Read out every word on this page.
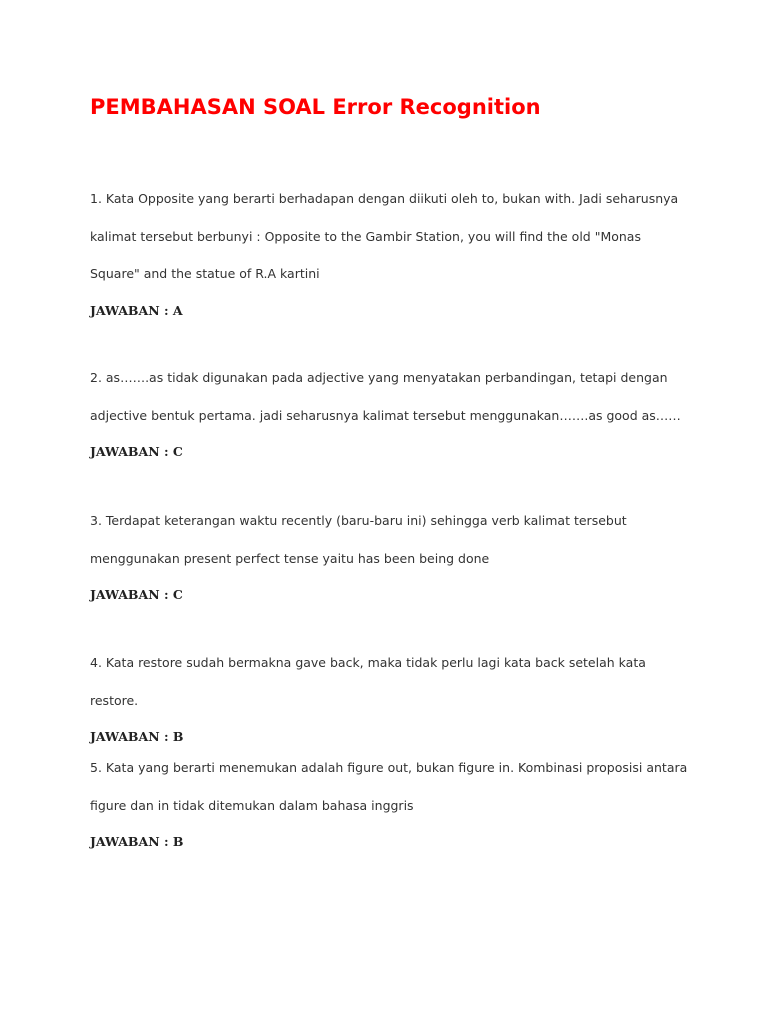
PEMBAHASAN SOAL Error Recognition

1. Kata Opposite yang berarti berhadapan dengan diikuti oleh to, bukan with. Jadi seharusnya kalimat tersebut berbunyi : Opposite to the Gambir Station, you will find the old "Monas Square" and the statue of R.A kartini

JAWABAN : A

2. as…….as tidak digunakan pada adjective yang menyatakan perbandingan, tetapi dengan adjective bentuk pertama. jadi seharusnya kalimat tersebut menggunakan…….as good as……

JAWABAN : C

3. Terdapat keterangan waktu recently (baru-baru ini) sehingga verb kalimat tersebut menggunakan present perfect tense yaitu has been being done

JAWABAN : C

4. Kata restore sudah bermakna gave back, maka tidak perlu lagi kata back setelah kata restore.

JAWABAN : B

5. Kata yang berarti menemukan adalah figure out, bukan figure in. Kombinasi proposisi antara figure dan in tidak ditemukan dalam bahasa inggris

JAWABAN : B
